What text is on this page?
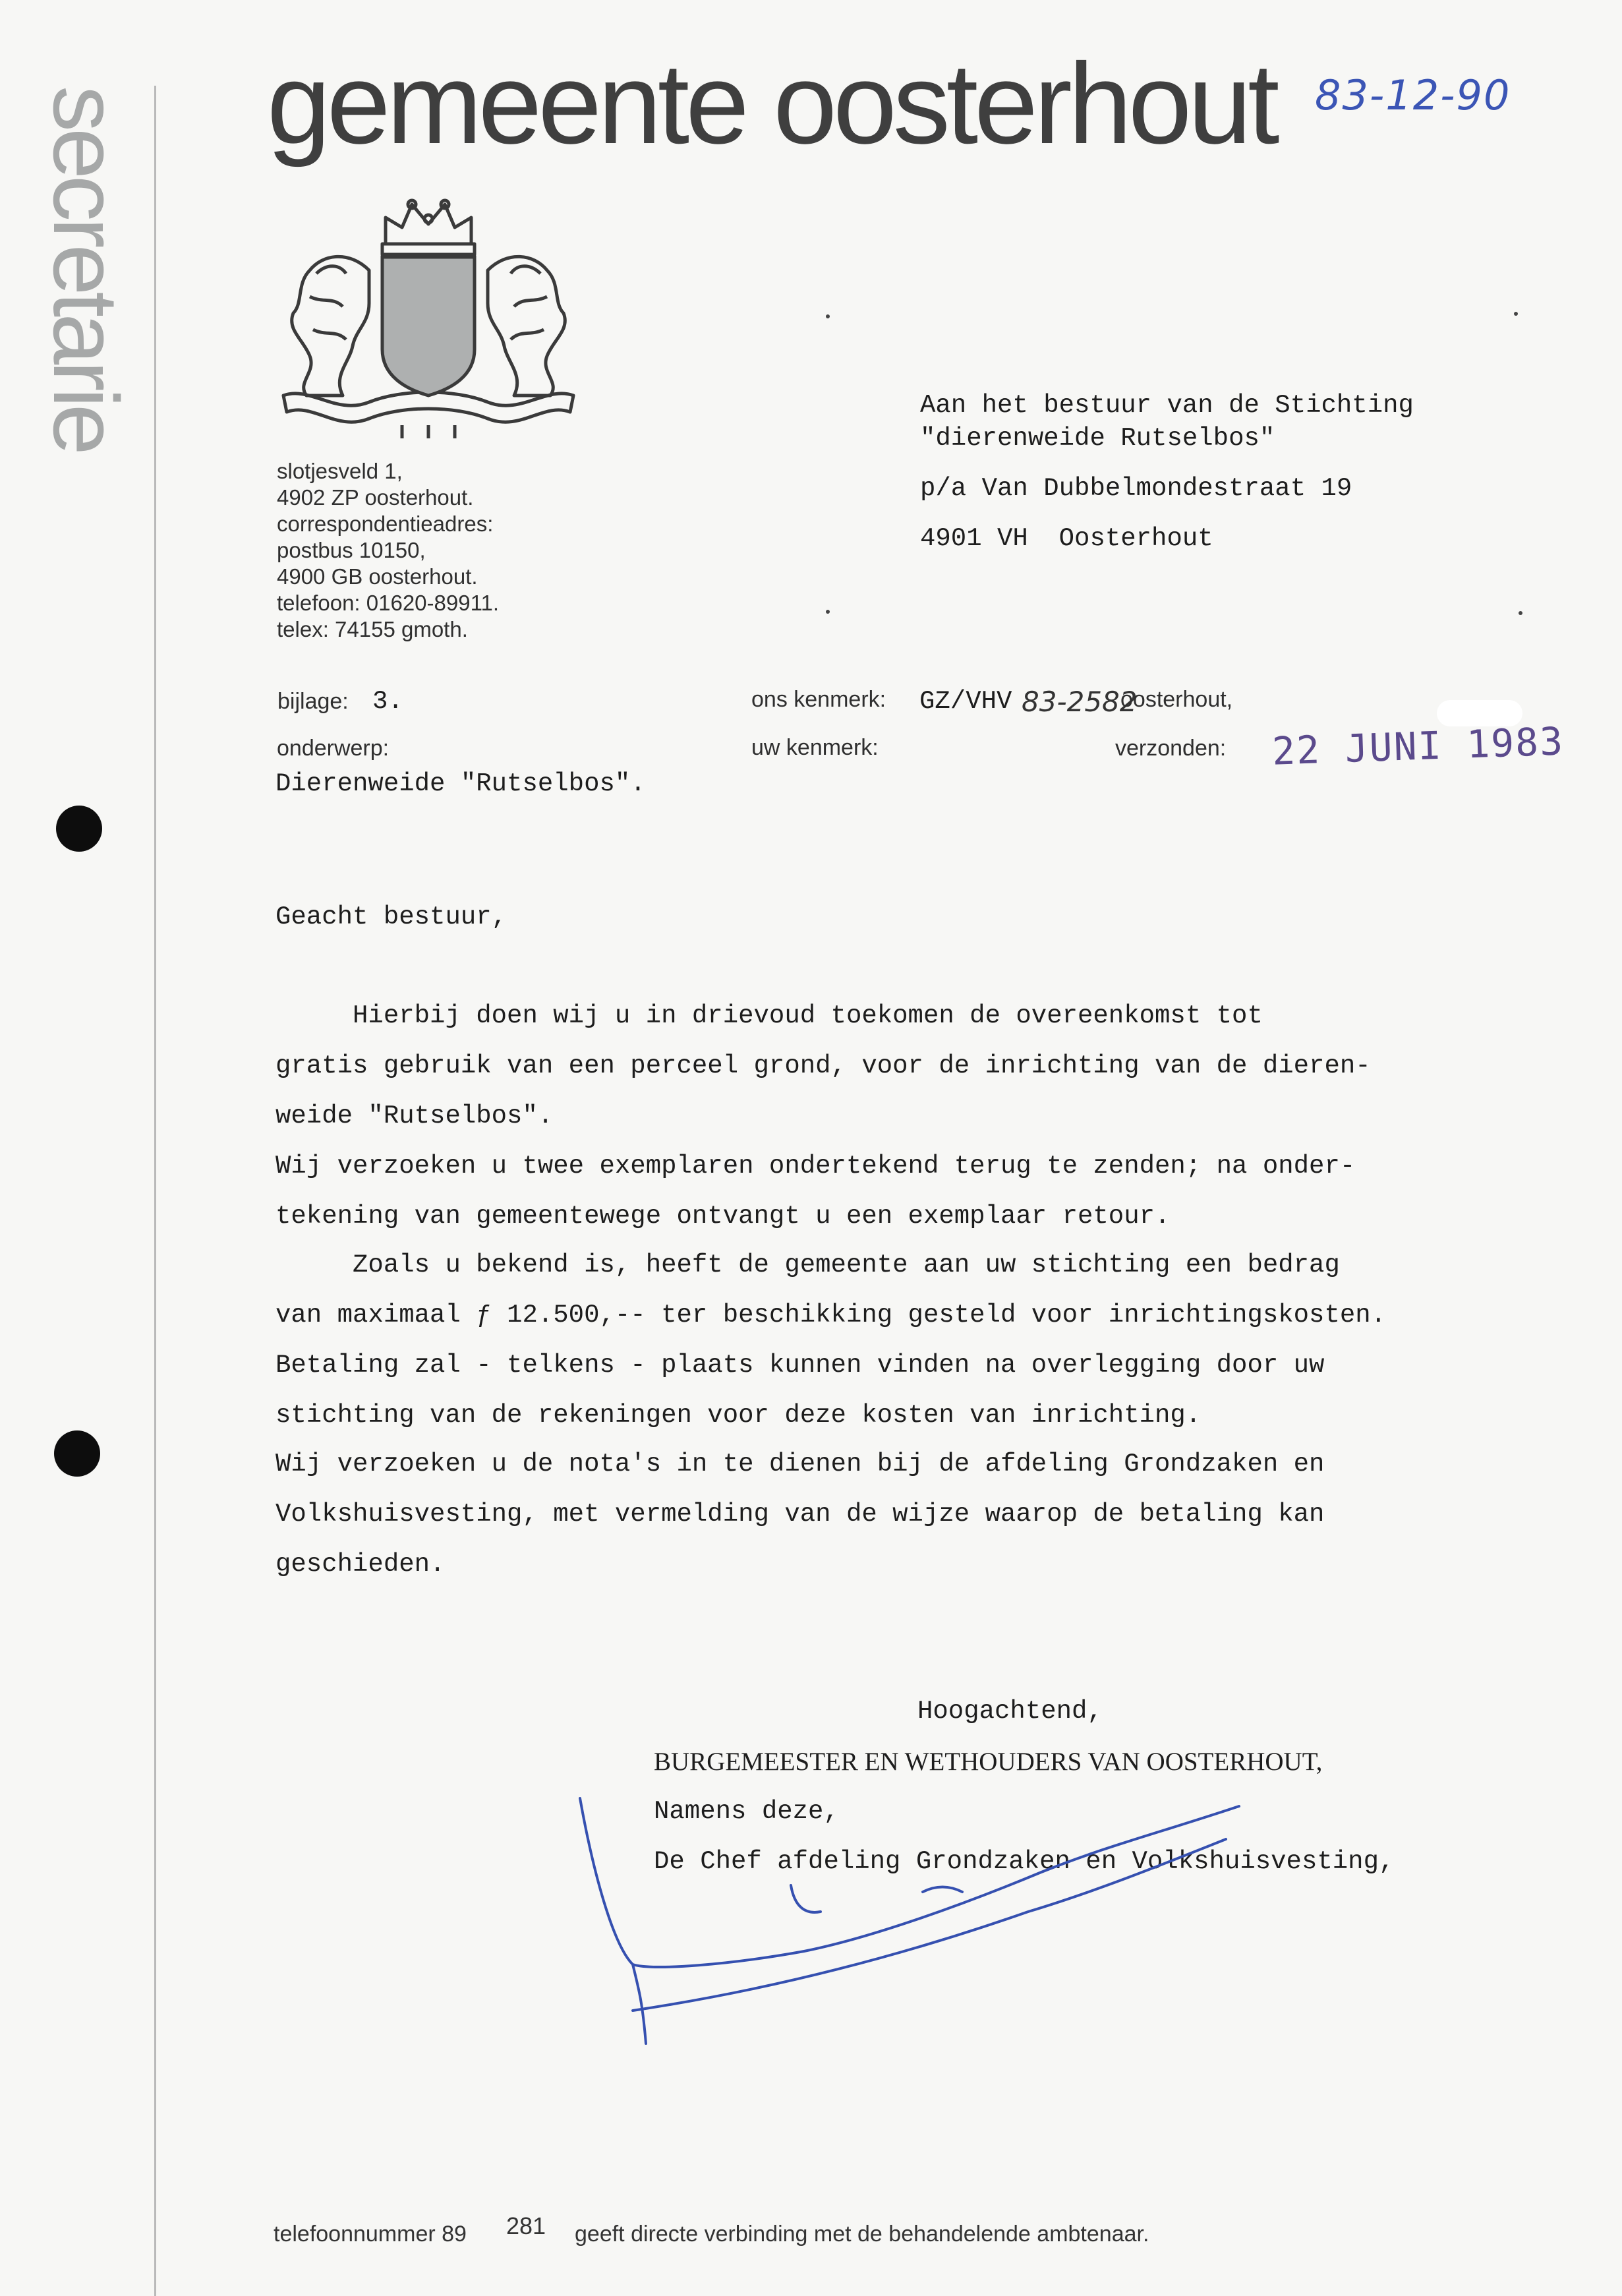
secretarie gemeente oosterhout 83-12-90
slotjesveld 1,
4902 ZP oosterhout.
correspondentieadres:
postbus 10150,
4900 GB oosterhout.
telefoon: 01620-89911.
telex: 74155 gmoth.
Aan het bestuur van de Stichting
"dierenweide Rutselbos"
p/a Van Dubbelmondestraat 19
4901 VH  Oosterhout
bijlage: 3.	ons kenmerk: GZ/VHV 83-2582
oosterhout,
onderwerp:
Dierenweide "Rutselbos".
uw kenmerk:	verzonden: 22 JUNI 1983
Geacht bestuur,
Hierbij doen wij u in drievoud toekomen de overeenkomst tot
gratis gebruik van een perceel grond, voor de inrichting van de dieren-
weide "Rutselbos".
Wij verzoeken u twee exemplaren ondertekend terug te zenden; na onder-
tekening van gemeentewege ontvangt u een exemplaar retour.
Zoals u bekend is, heeft de gemeente aan uw stichting een bedrag
van maximaal ƒ 12.500,-- ter beschikking gesteld voor inrichtingskosten.
Betaling zal - telkens - plaats kunnen vinden na overlegging door uw
stichting van de rekeningen voor deze kosten van inrichting.
Wij verzoeken u de nota's in te dienen bij de afdeling Grondzaken en
Volkshuisvesting, met vermelding van de wijze waarop de betaling kan
geschieden.
Hoogachtend,
BURGEMEESTER EN WETHOUDERS VAN OOSTERHOUT,
Namens deze,
De Chef afdeling Grondzaken en Volkshuisvesting,
telefoonnummer 89 281 geeft directe verbinding met de behandelende ambtenaar.
